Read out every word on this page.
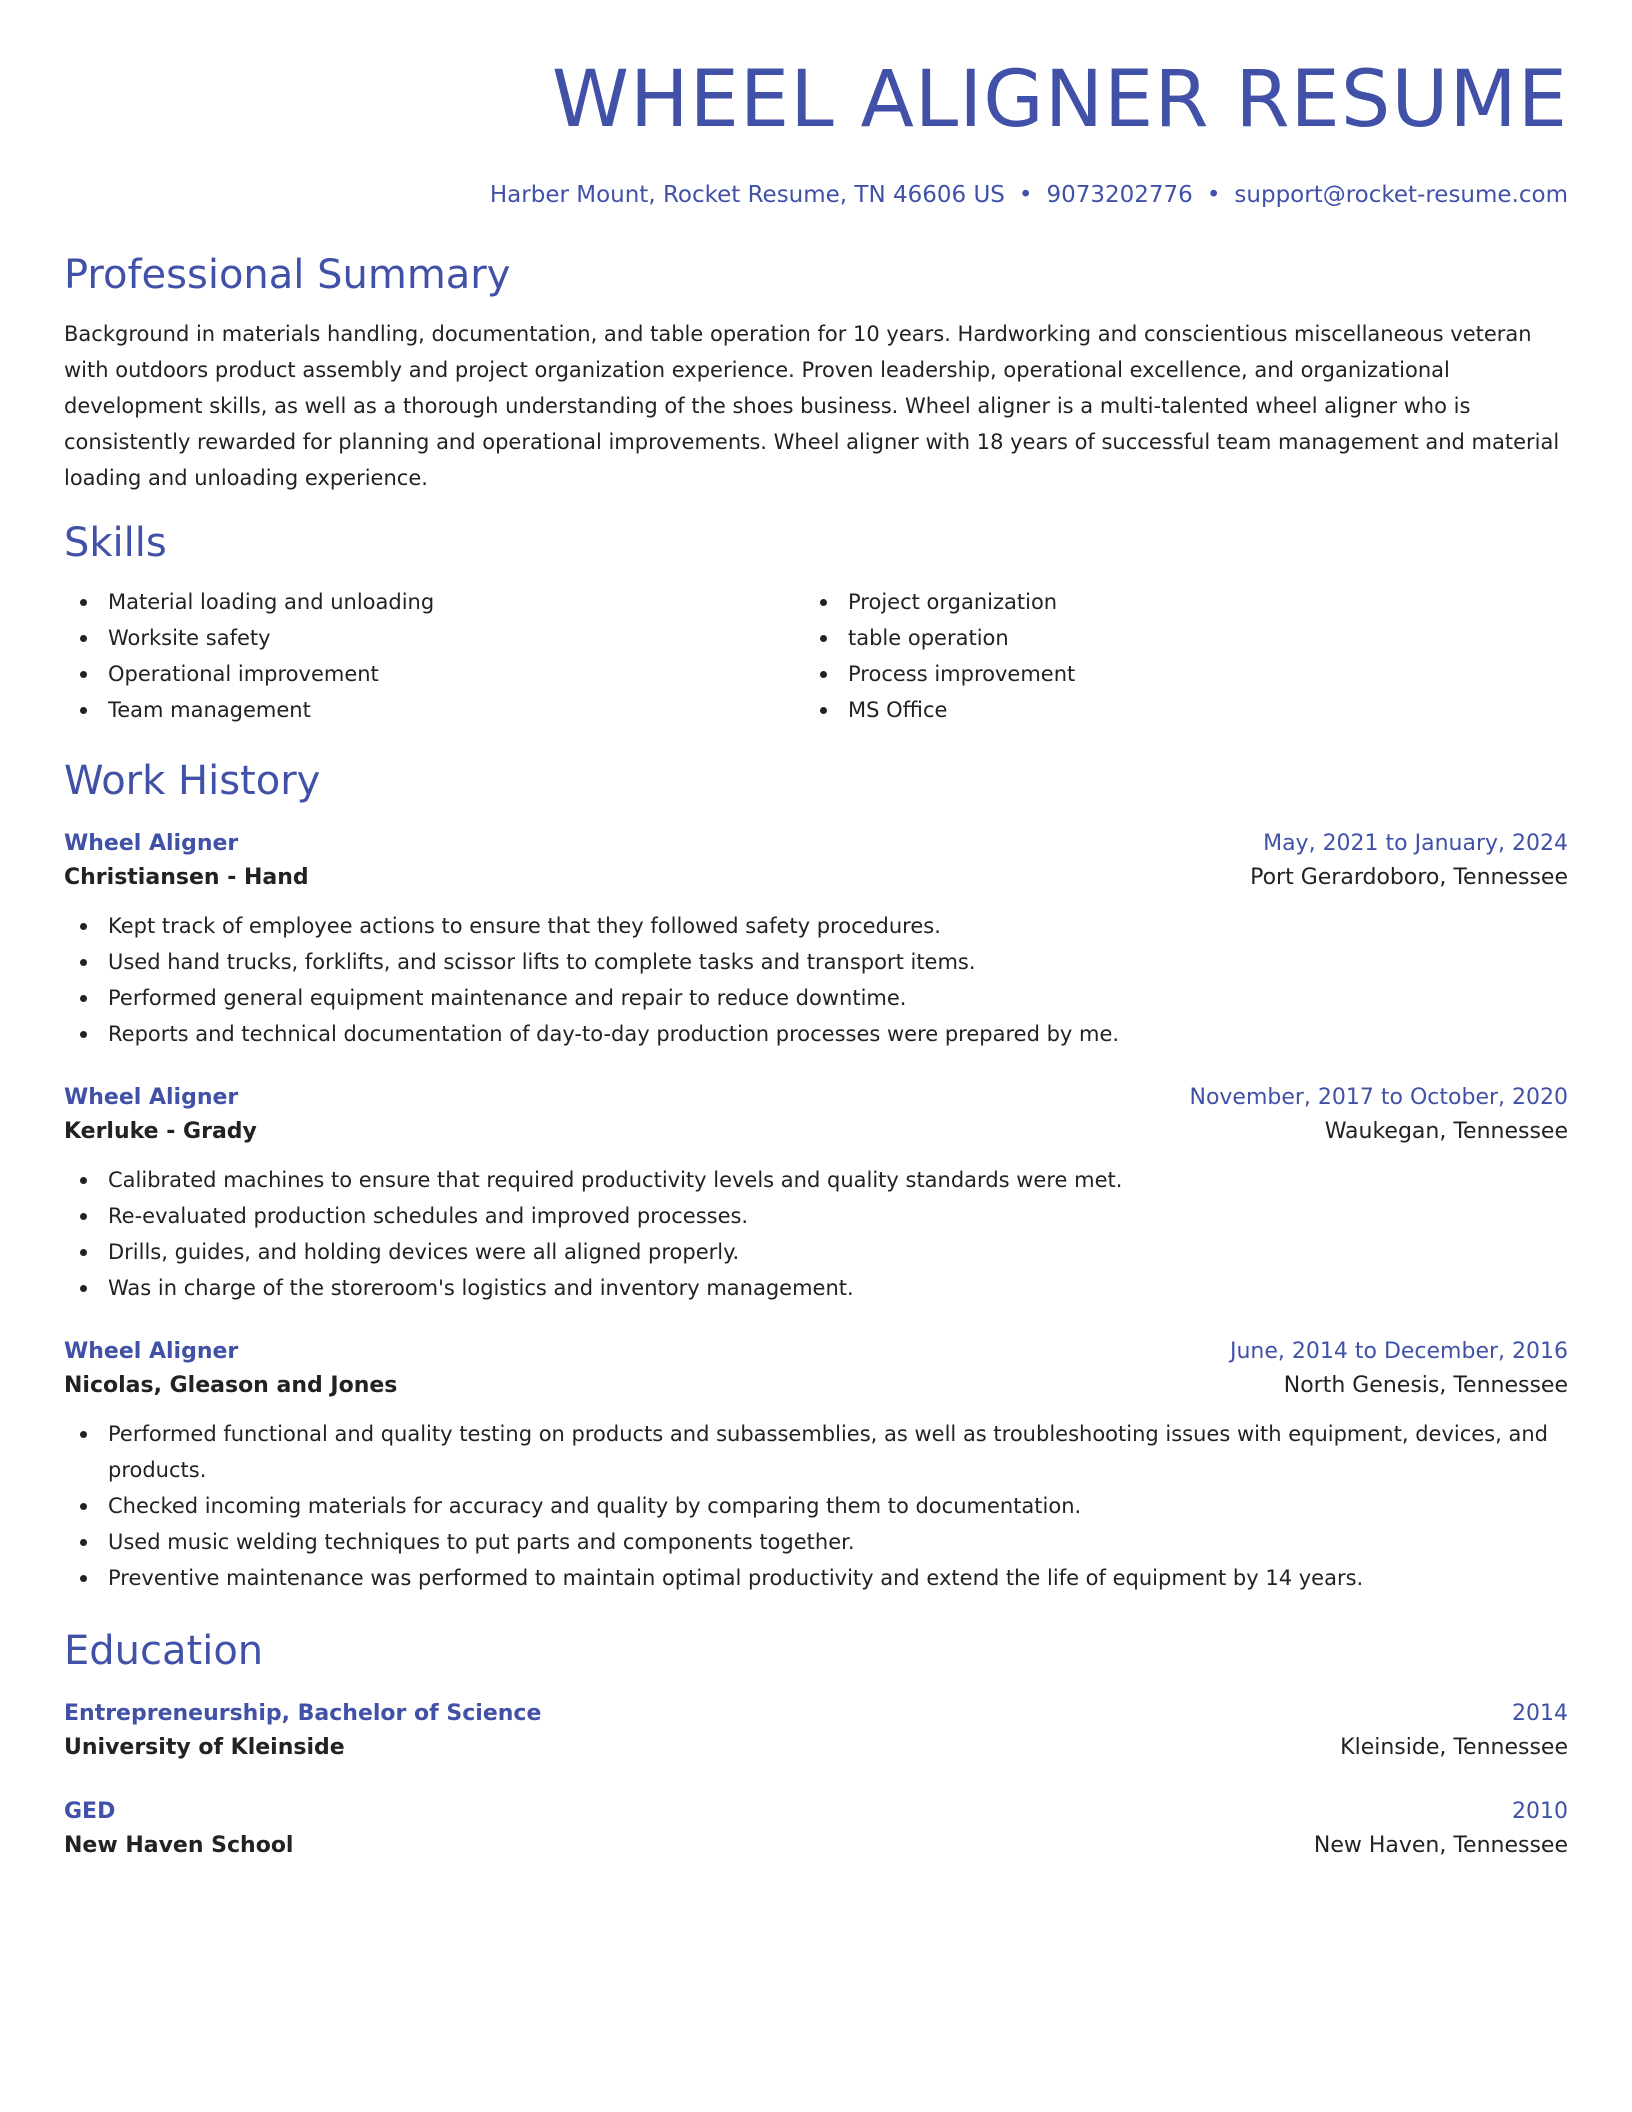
WHEEL ALIGNER RESUME
Harber Mount, Rocket Resume, TN 46606 US • 9073202776 • support@rocket-resume.com
Professional Summary
Background in materials handling, documentation, and table operation for 10 years. Hardworking and conscientious miscellaneous veteran with outdoors product assembly and project organization experience. Proven leadership, operational excellence, and organizational development skills, as well as a thorough understanding of the shoes business. Wheel aligner is a multi-talented wheel aligner who is consistently rewarded for planning and operational improvements. Wheel aligner with 18 years of successful team management and material loading and unloading experience.
Skills
Material loading and unloading
Worksite safety
Operational improvement
Team management
Project organization
table operation
Process improvement
MS Office
Work History
Wheel Aligner	May, 2021 to January, 2024
Christiansen - Hand	Port Gerardoboro, Tennessee
Kept track of employee actions to ensure that they followed safety procedures.
Used hand trucks, forklifts, and scissor lifts to complete tasks and transport items.
Performed general equipment maintenance and repair to reduce downtime.
Reports and technical documentation of day-to-day production processes were prepared by me.
Wheel Aligner	November, 2017 to October, 2020
Kerluke - Grady	Waukegan, Tennessee
Calibrated machines to ensure that required productivity levels and quality standards were met.
Re-evaluated production schedules and improved processes.
Drills, guides, and holding devices were all aligned properly.
Was in charge of the storeroom's logistics and inventory management.
Wheel Aligner	June, 2014 to December, 2016
Nicolas, Gleason and Jones	North Genesis, Tennessee
Performed functional and quality testing on products and subassemblies, as well as troubleshooting issues with equipment, devices, and products.
Checked incoming materials for accuracy and quality by comparing them to documentation.
Used music welding techniques to put parts and components together.
Preventive maintenance was performed to maintain optimal productivity and extend the life of equipment by 14 years.
Education
Entrepreneurship, Bachelor of Science	2014
University of Kleinside	Kleinside, Tennessee
GED	2010
New Haven School	New Haven, Tennessee
